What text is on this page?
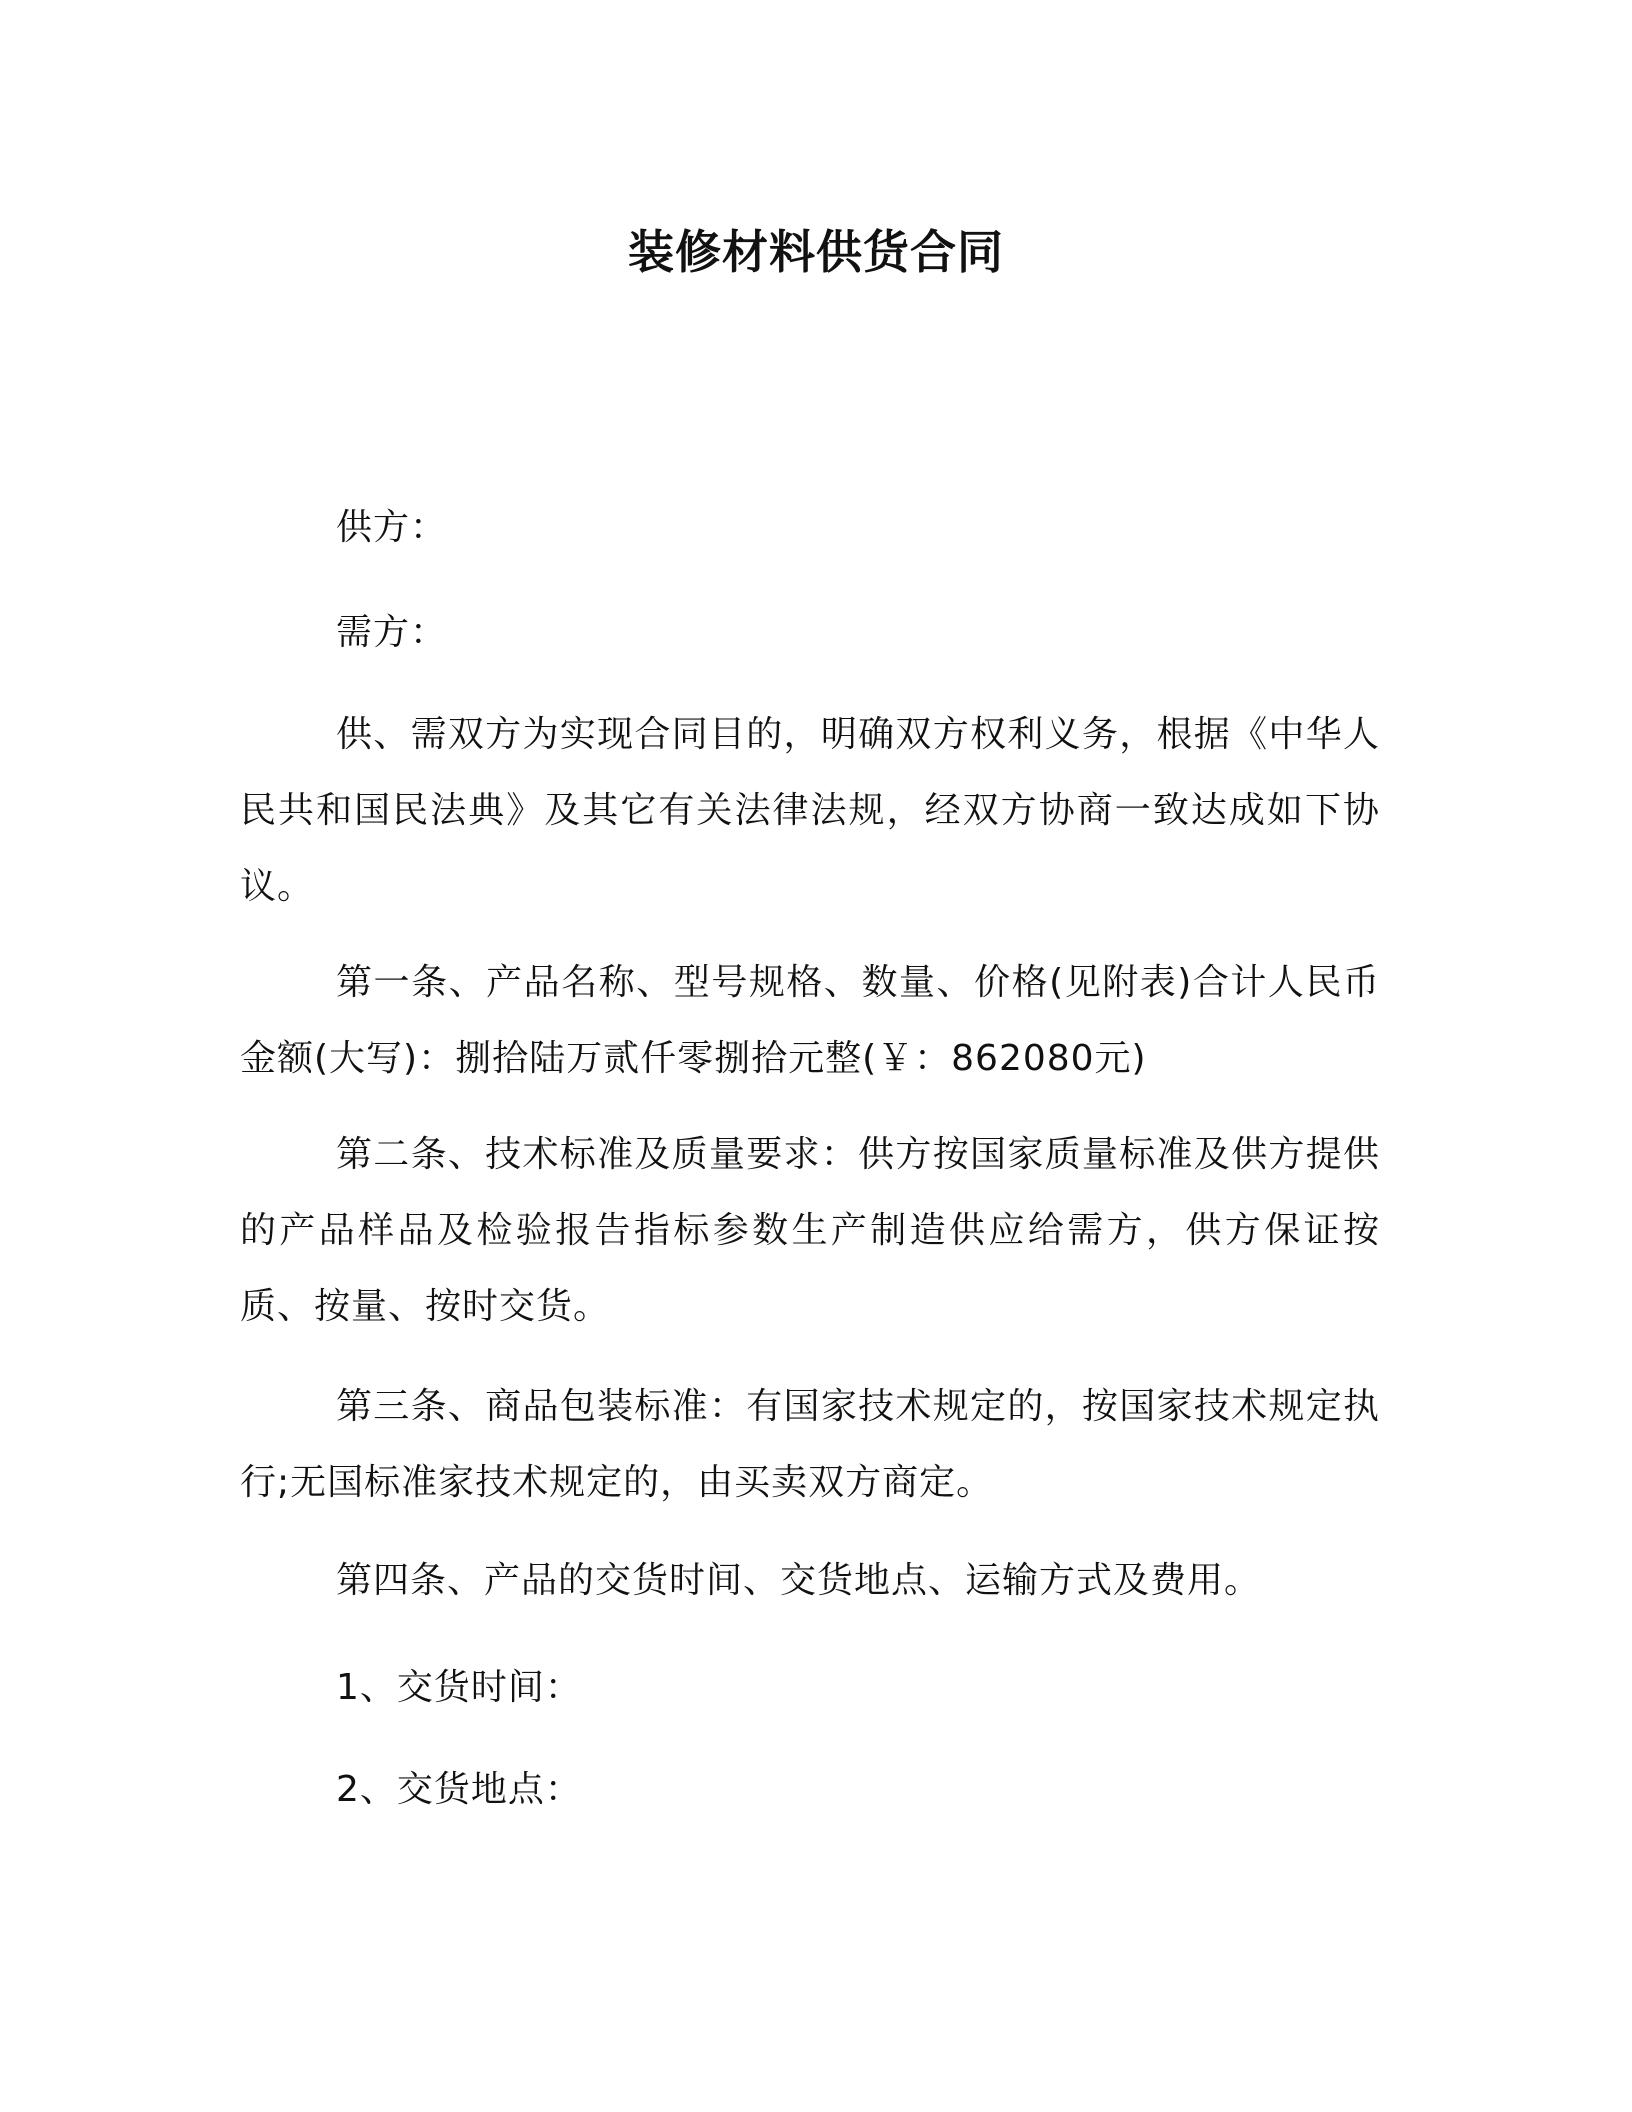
装修材料供货合同

供方：

需方：

供、需双方为实现合同目的，明确双方权利义务，根据《中华人民共和国民法典》及其它有关法律法规，经双方协商一致达成如下协议。

第一条、产品名称、型号规格、数量、价格(见附表)合计人民币金额(大写)：捌拾陆万贰仟零捌拾元整(￥：862080元)

第二条、技术标准及质量要求：供方按国家质量标准及供方提供的产品样品及检验报告指标参数生产制造供应给需方，供方保证按质、按量、按时交货。

第三条、商品包装标准：有国家技术规定的，按国家技术规定执行;无国标准家技术规定的，由买卖双方商定。

第四条、产品的交货时间、交货地点、运输方式及费用。

1、交货时间：

2、交货地点：
